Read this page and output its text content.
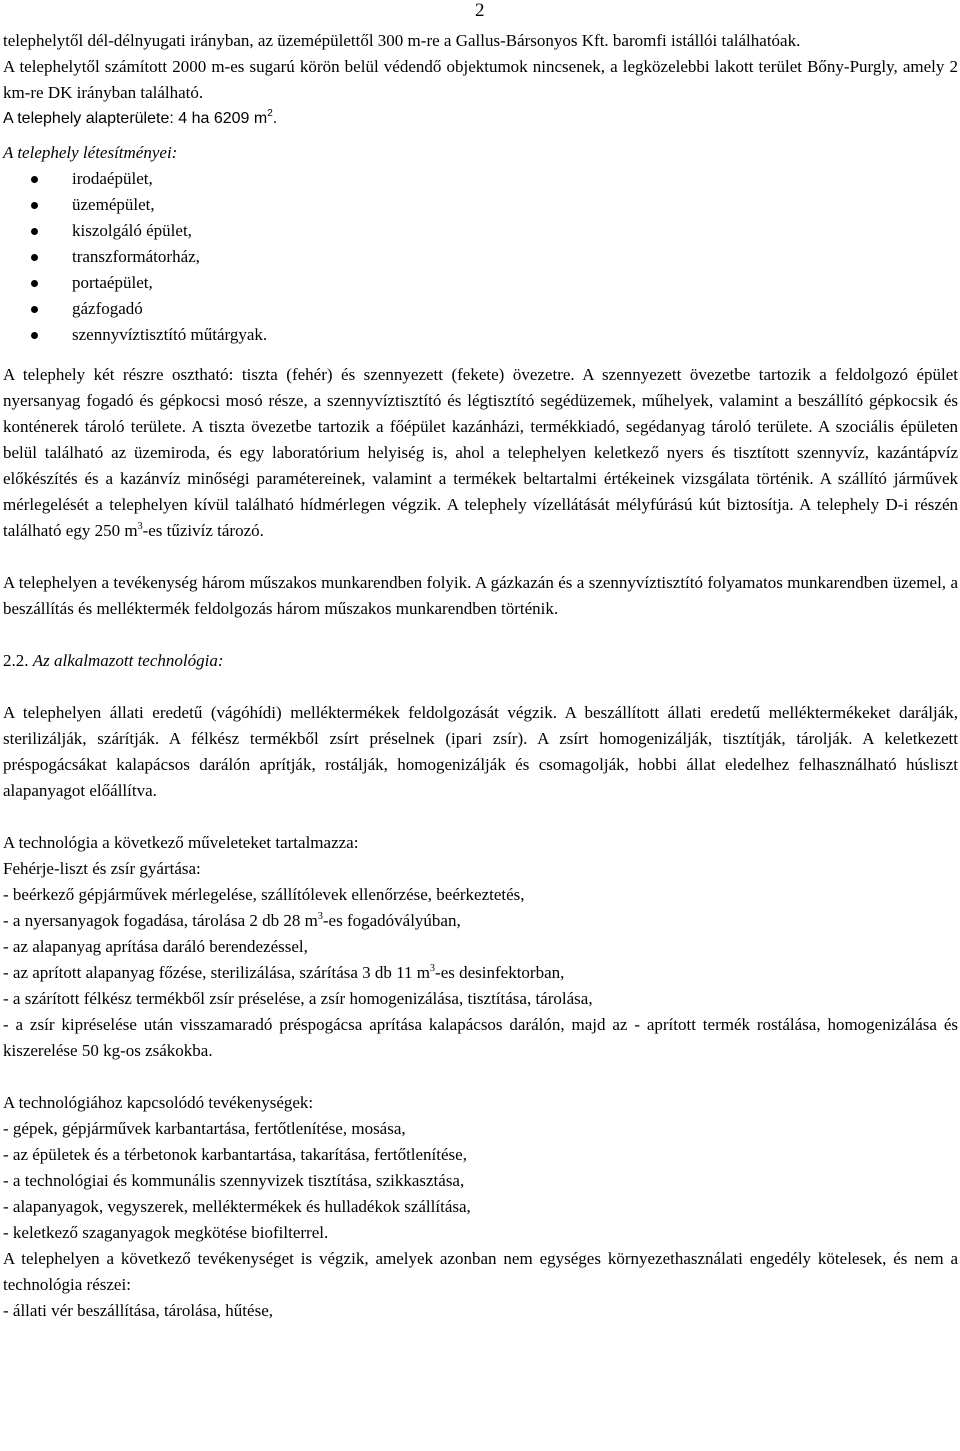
2

telephelytől dél-délnyugati irányban, az üzemépülettől 300 m-re a Gallus-Bársonyos Kft. baromfi istállói találhatóak.

A telephelytől számított 2000 m-es sugarú körön belül védendő objektumok nincsenek, a legközelebbi lakott terület Bőny-Purgly, amely 2 km-re DK irányban található.

A telephely alapterülete: 4 ha 6209 $m^2$.

A telephely létesítményei:

irodaépület,
üzemépület,
kiszolgáló épület,
transzformátorház,
portaépület,
gázfogadó
szennyvíztisztító műtárgyak.

A telephely két részre osztható: tiszta (fehér) és szennyezett (fekete) övezetre. A szennyezett övezetbe tartozik a feldolgozó épület nyersanyag fogadó és gépkocsi mosó része, a szennyvíztisztító és légtisztító segédüzemek, műhelyek, valamint a beszállító gépkocsik és konténerek tároló területe. A tiszta övezetbe tartozik a főépület kazánházi, termékkiadó, segédanyag tároló területe. A szociális épületen belül található az üzemiroda, és egy laboratórium helyiség is, ahol a telephelyen keletkező nyers és tisztított szennyvíz, kazántápvíz előkészítés és a kazánvíz minőségi paramétereinek, valamint a termékek beltartalmi értékeinek vizsgálata történik. A szállító járművek mérlegelését a telephelyen kívül található hídmérlegen végzik. A telephely vízellátását mélyfúrású kút biztosítja. A telephely D-i részén található egy 250 $m^3-es$ tűzivíz tározó.

A telephelyen a tevékenység három műszakos munkarendben folyik. A gázkazán és a szennyvíztisztító folyamatos munkarendben üzemel, a beszállítás és melléktermék feldolgozás három műszakos munkarendben történik.

2.2. Az alkalmazott technológia:

A telephelyen állati eredetű (vágóhídi) melléktermékek feldolgozását végzik. A beszállított állati eredetű melléktermékeket darálják, sterilizálják, szárítják. A félkész termékből zsírt préselnek (ipari zsír). A zsírt homogenizálják, tisztítják, tárolják. A keletkezett préspogácsákat kalapácsos darálón aprítják, rostálják, homogenizálják és csomagolják, hobbi állat eledelhez felhasználható húsliszt alapanyagot előállítva.

A technológia a következő műveleteket tartalmazza:

Fehérje-liszt és zsír gyártása:

- beérkező gépjárművek mérlegelése, szállítólevek ellenőrzése, beérkeztetés,

- a nyersanyagok fogadása, tárolása 2 db 28 $m^3-es$ fogadóvályúban,

- az alapanyag aprítása daráló berendezéssel,

- az aprított alapanyag főzése, sterilizálása, szárítása 3 db 11 $m^3-es$ desinfektorban,

- a szárított félkész termékből zsír préselése, a zsír homogenizálása, tisztítása, tárolása,

- a zsír kipréselése után visszamaradó préspogácsa aprítása kalapácsos darálón, majd az - aprított termék rostálása, homogenizálása és kiszerelése 50 kg-os zsákokba.

A technológiához kapcsolódó tevékenységek:

- gépek, gépjárművek karbantartása, fertőtlenítése, mosása,

- az épületek és a térbetonok karbantartása, takarítása, fertőtlenítése,

- a technológiai és kommunális szennyvizek tisztítása, szikkasztása,

- alapanyagok, vegyszerek, melléktermékek és hulladékok szállítása,

- keletkező szaganyagok megkötése biofilterrel.

A telephelyen a következő tevékenységet is végzik, amelyek azonban nem egységes környezethasználati engedély kötelesek, és nem a technológia részei:

- állati vér beszállítása, tárolása, hűtése,
